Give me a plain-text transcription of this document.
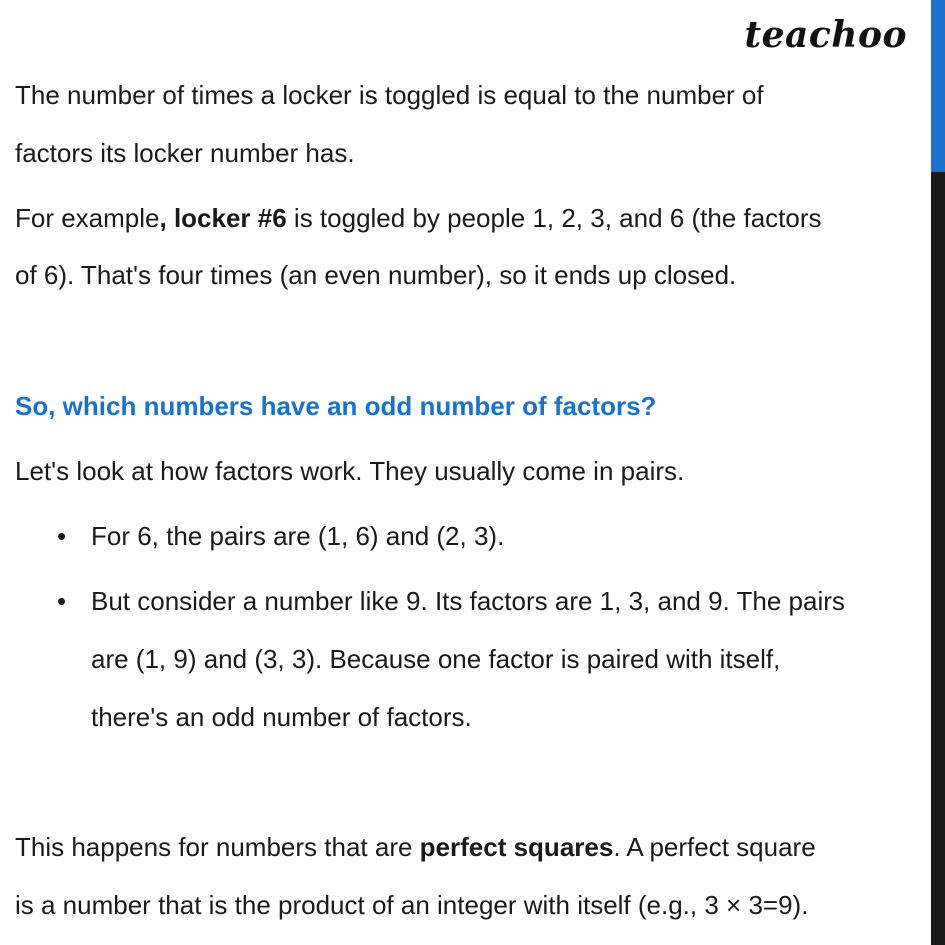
teachoo
The number of times a locker is toggled is equal to the number of
factors its locker number has.
For example, locker #6 is toggled by people 1, 2, 3, and 6 (the factors
of 6). That's four times (an even number), so it ends up closed.
So, which numbers have an odd number of factors?
Let's look at how factors work. They usually come in pairs.
• For 6, the pairs are (1, 6) and (2, 3).
• But consider a number like 9. Its factors are 1, 3, and 9. The pairs
are (1, 9) and (3, 3). Because one factor is paired with itself,
there's an odd number of factors.
This happens for numbers that are perfect squares. A perfect square
is a number that is the product of an integer with itself (e.g., 3 × 3=9).
